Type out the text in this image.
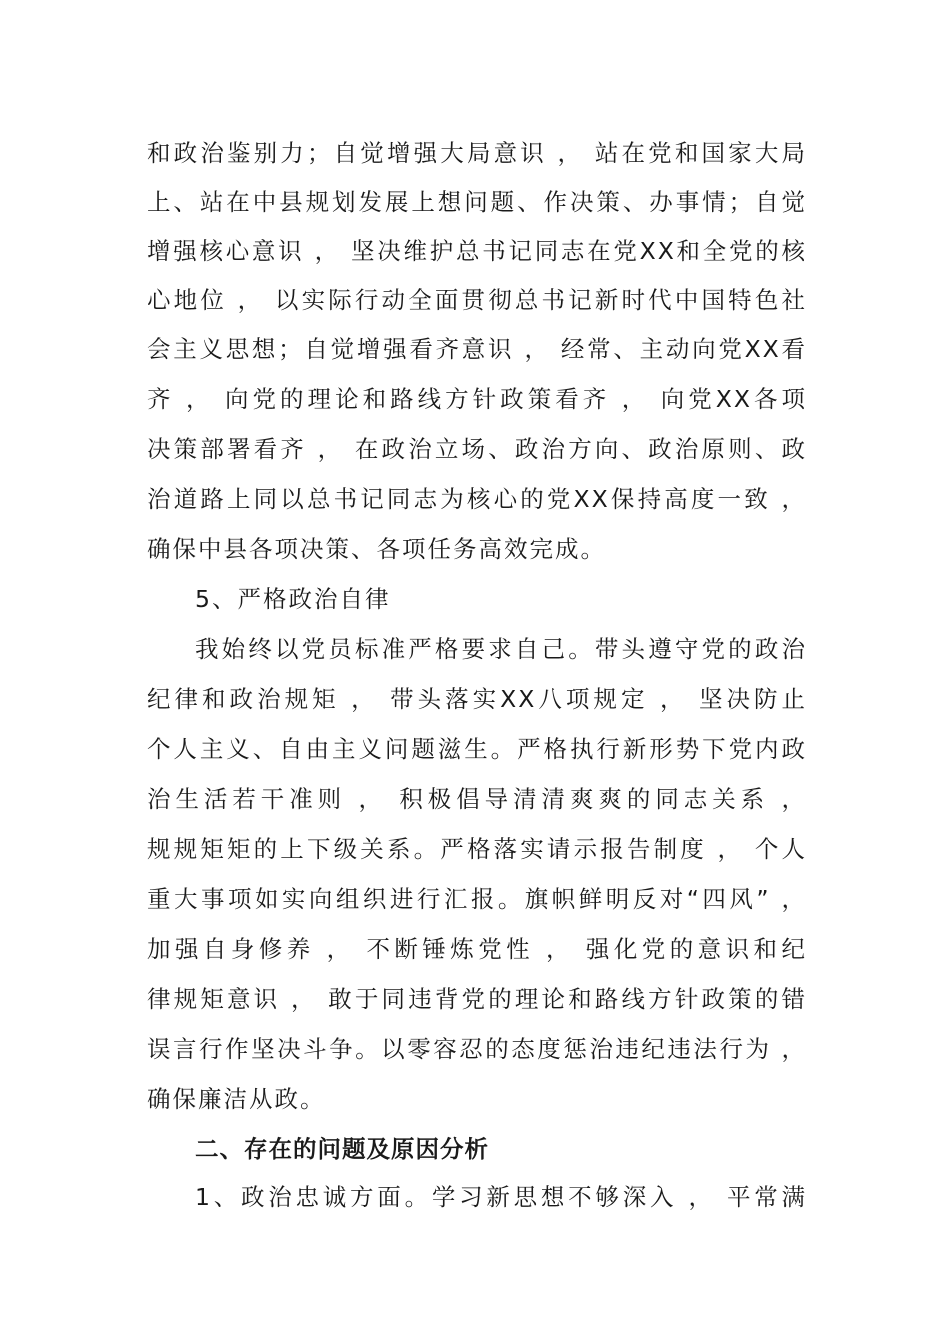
和政治鉴别力；自觉增强大局意识 ， 站在党和国家大局
上、站在中县规划发展上想问题、作决策、办事情；自觉
增强核心意识 ， 坚决维护总书记同志在党XX和全党的核
心地位 ， 以实际行动全面贯彻总书记新时代中国特色社
会主义思想；自觉增强看齐意识 ， 经常、主动向党XX看
齐 ， 向党的理论和路线方针政策看齐 ， 向党XX各项
决策部署看齐 ， 在政治立场、政治方向、政治原则、政
治道路上同以总书记同志为核心的党XX保持高度一致 ，
确保中县各项决策、各项任务高效完成。
5、严格政治自律
我始终以党员标准严格要求自己。带头遵守党的政治
纪律和政治规矩 ， 带头落实XX八项规定 ， 坚决防止
个人主义、自由主义问题滋生。严格执行新形势下党内政
治生活若干准则 ， 积极倡导清清爽爽的同志关系 ，
规规矩矩的上下级关系。严格落实请示报告制度 ， 个人
重大事项如实向组织进行汇报。旗帜鲜明反对“四风” ，
加强自身修养 ， 不断锤炼党性 ， 强化党的意识和纪
律规矩意识 ， 敢于同违背党的理论和路线方针政策的错
误言行作坚决斗争。以零容忍的态度惩治违纪违法行为 ，
确保廉洁从政。
二、存在的问题及原因分析
1、政治忠诚方面。学习新思想不够深入 ， 平常满
